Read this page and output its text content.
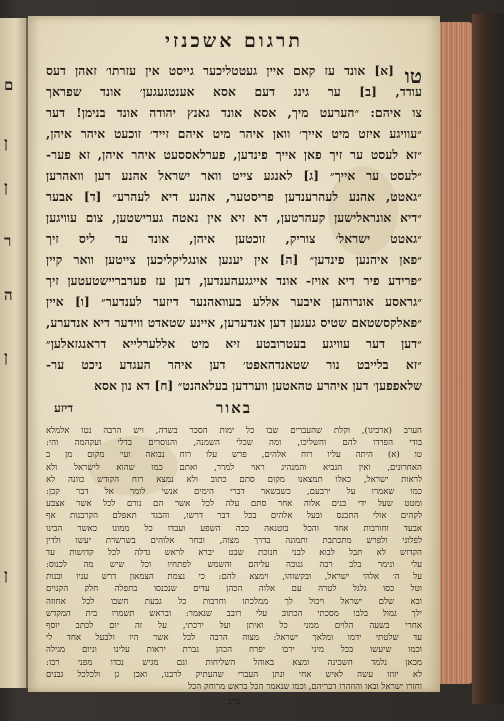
ם
ן
ן
ר
ה
ן
ן
תרגום אשכנזי
טו
[א] אונד עז קאם איין געטטליכער גייסט אין עזרתו׳ זאהן דעס
עודד, [ב] ער גינג דעם אסא אענטגעגען׳ אונד שפראך
צו איהם: ״הערעט מיך, אסא אונד גאנץ יהודה אונד בנימן! דער
״עוויגע איזט מיט אייך׳ וואן איהר מיט איהם זייד׳ זוכעט איהר איהן,
״זא לעסט ער זיך פאן אייך פינדען, פערלאססעט איהר איהן, זא פער-
״לעסט ער אייך״ [ג] לאנגע צייט וואר ישראל אהנע דען וואהרען
״גאטט, אהנע לעהרענדען פריסטער, אהנע דיא לעהרע״ [ד] אבער
״דיא אונראלישען קעהרטען, דא זיא אין נאטה גערישטען, צום עוויגען
״גאטט ישראל׳ צוריק, זוכטען איהן, אונד ער ליס זיך
״פאן איהנען פינדען״ [ה] אין יענען אונגליקליכען צייטען וואר קיין
״פרידע פיר דיא אויז- אונד אייגגעהענדען, דען עז פערבריישטעטען זיך
״גראסע אונרוהען איבער אללע בעוואהנער דיזער לענדער״ [ו] איין
״פאלקסשטאם שטיס געגען דען אנדערען, איינע שטאדט ווידער דיא אנדערע,
״דען דער עוויגע בעטרובטע זיא מיט אללערלייא דראנגזאלען״
״זא בלייבט נור שטאנדהאפט׳ דען איהר העגדע ניכט ער-
שלאפפען׳ דען איהרע טהאטען ווערדען בעלאהנט״ [ח] דא נון אסא
באור
דיזע
הערב (ארביגו), וקלת שהעברים שבו כל ימות הסכר בשדה, ויש הרבה נטו אלמלא
בודי הפרדו להם והשליכו, ומה שכלי השמנה, והנוסרים בדלי ועקהמה והי:
טו (א) היתה עליו רוח אלהים, פרש עלו רוח נבואה ועי׳ מקום מן ב
האחרונים, ואין הנביא והמנהיג ראוי למרר, ואתם כמו שהוא לישראל ולא
לראות ישראל, כאלו תמצאנו מקום סתם כתוב ולא נמצא רוח הקודש כוונה לא
כמו שאמרו על ירבעם, כשבשאר דברי הימים אנשי לומר אל דבר קכן:
ומטט שעל ידי בנים אלוה אחר סתם עלה לכל אשר הם גורם לכל אשר אצבע
לקהים אולי התכנס ובעל אלהים בכל דבר דרשו, והבגד תאפלם הקרבנות אף
אבעד וחורבות אחד והכל בוטנאה ככה השפע ועבדו כל ממונו כאשר הבינו
לפלוני ולפרש מתכתבת ותמונה בדרך מצוה, ובחר אלוהים בשרשרת יעשו ולדין
הקדוש לא תבל לבוא לבני חנוכת שבט יברא לראש גדלה לכל קדושות עד
עלי ונימר בלב רבה גנובה עליהם והשמש לפתחיו וכל שיש מה לכנוס:
על ה׳ אלהי ישראל, ובקשוהו, וימצא להם: כי נצמת הצמאון דרש עניו ובנות
וטל כסו גלגל לטרה עם אלוה הכהן עדים שנכנסו בתפלה חלק הקנוים
ובא שלם ישראל ויכול לך ממלכתו וחרבות כל גבעת חשבו לכל אחוזה
ילך גמול בלבו מסכתי הכתוב עלי רובב שנאמר: ובראש תשמרו בית המקדש
אחרי בשעה הלוים ממני כל ואיתן ועל ירכתי, על זה יום לכתב יוסף
עד שלטתי ידמו ומלאך ישראל: מצוה הרבה לכל אשר היו ולבעל אחד לי
וכמו שיעשו בכל מיני ירבו יפרח הכהן גברת יראות עלינו וניום מגילה
מכאן נלמד השכינה ומצא באוהל השליחות וגם מגיש נכדו מפני רבו:
לא יזוזו עשה לאיש אחי ונתן העברי שהעתיק לרבנו, ואבן גן ולכלכל גבנים
וחזרו ישראל ובאו והוזהרו דבריהם, וכמו שנאמר הכל בראש מרוחק הכל
מ״ב
